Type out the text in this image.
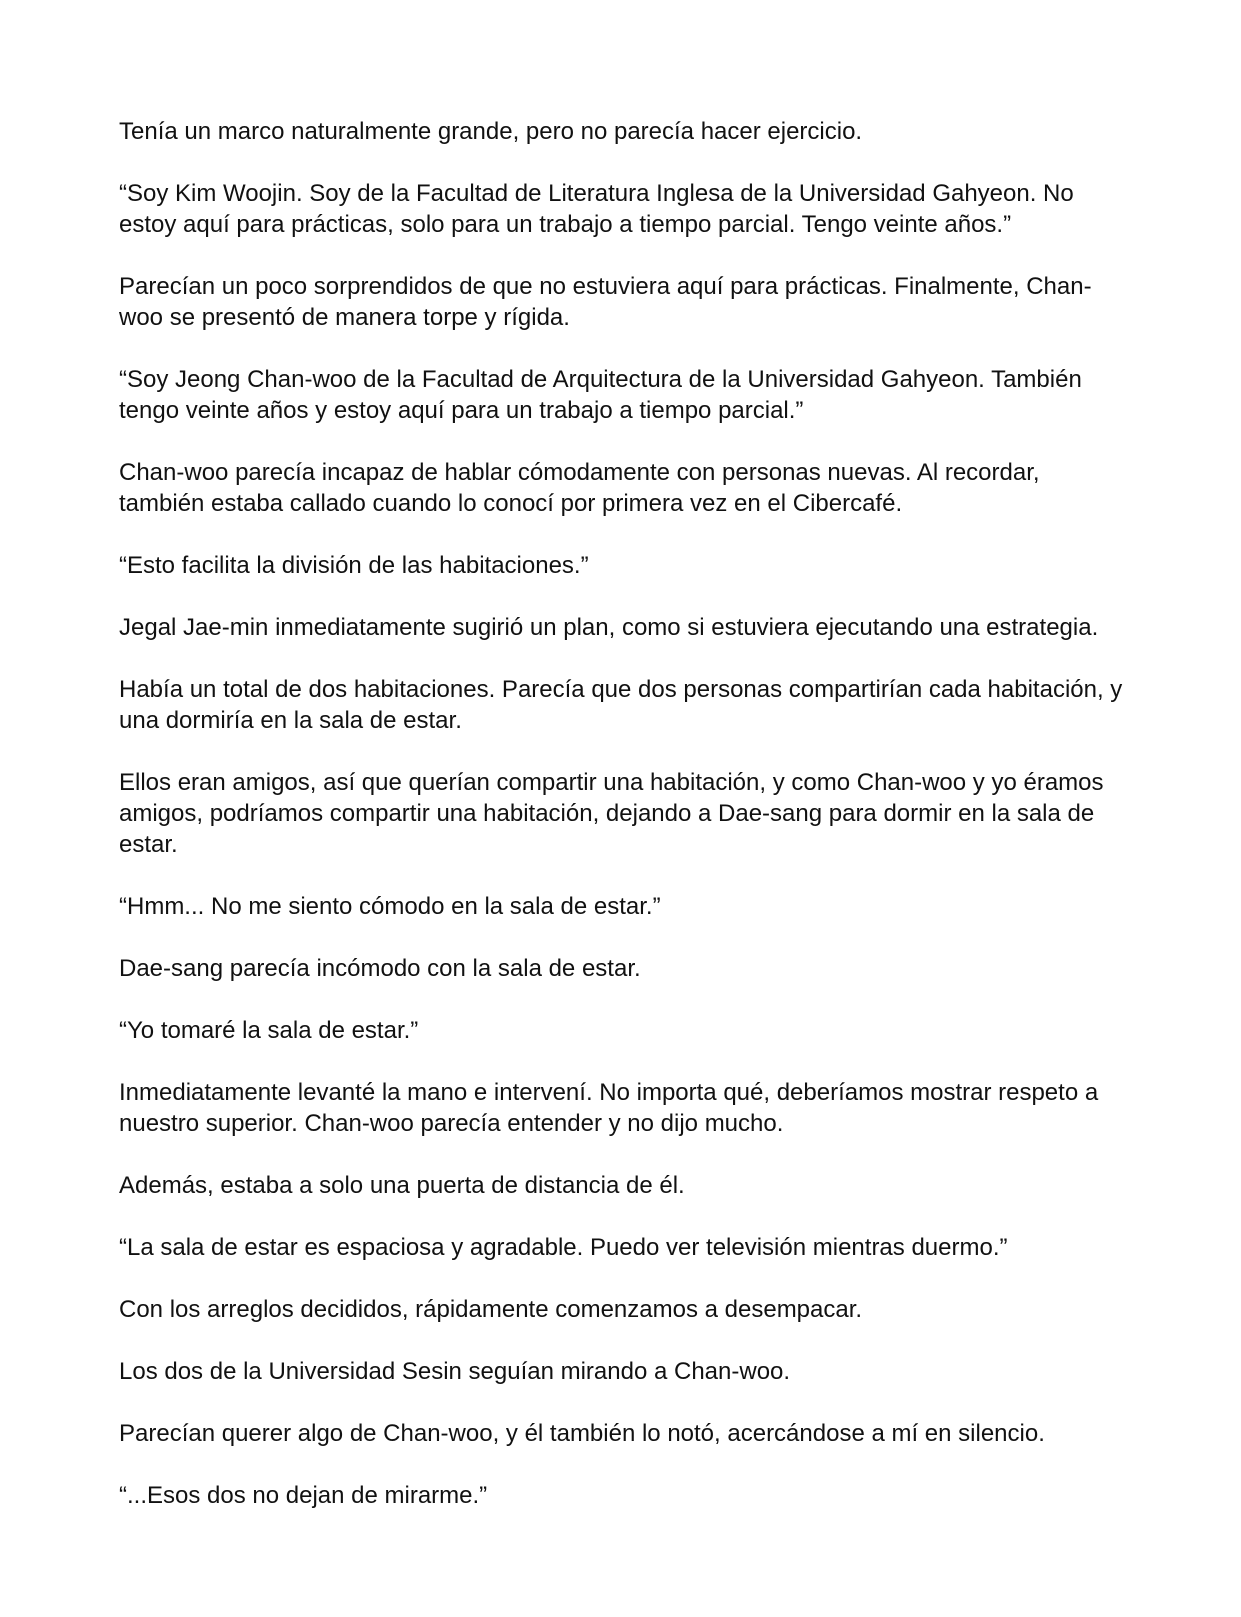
Tenía un marco naturalmente grande, pero no parecía hacer ejercicio.

“Soy Kim Woojin. Soy de la Facultad de Literatura Inglesa de la Universidad Gahyeon. No estoy aquí para prácticas, solo para un trabajo a tiempo parcial. Tengo veinte años.”

Parecían un poco sorprendidos de que no estuviera aquí para prácticas. Finalmente, Chan-woo se presentó de manera torpe y rígida.

“Soy Jeong Chan-woo de la Facultad de Arquitectura de la Universidad Gahyeon. También tengo veinte años y estoy aquí para un trabajo a tiempo parcial.”

Chan-woo parecía incapaz de hablar cómodamente con personas nuevas. Al recordar, también estaba callado cuando lo conocí por primera vez en el Cibercafé.

“Esto facilita la división de las habitaciones.”

Jegal Jae-min inmediatamente sugirió un plan, como si estuviera ejecutando una estrategia.

Había un total de dos habitaciones. Parecía que dos personas compartirían cada habitación, y una dormiría en la sala de estar.

Ellos eran amigos, así que querían compartir una habitación, y como Chan-woo y yo éramos amigos, podríamos compartir una habitación, dejando a Dae-sang para dormir en la sala de estar.

“Hmm... No me siento cómodo en la sala de estar.”

Dae-sang parecía incómodo con la sala de estar.

“Yo tomaré la sala de estar.”

Inmediatamente levanté la mano e intervení. No importa qué, deberíamos mostrar respeto a nuestro superior. Chan-woo parecía entender y no dijo mucho.

Además, estaba a solo una puerta de distancia de él.

“La sala de estar es espaciosa y agradable. Puedo ver televisión mientras duermo.”

Con los arreglos decididos, rápidamente comenzamos a desempacar.

Los dos de la Universidad Sesin seguían mirando a Chan-woo.

Parecían querer algo de Chan-woo, y él también lo notó, acercándose a mí en silencio.

“...Esos dos no dejan de mirarme.”
